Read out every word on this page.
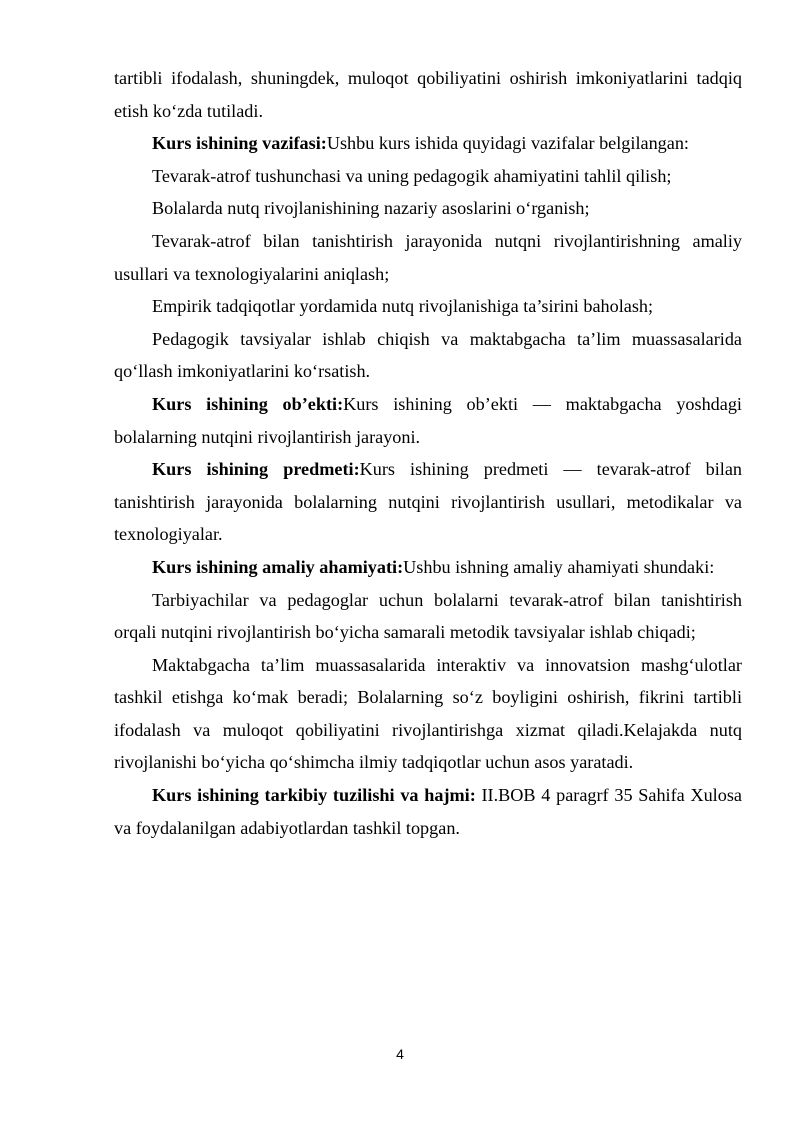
tartibli ifodalash, shuningdek, muloqot qobiliyatini oshirish imkoniyatlarini tadqiq etish ko‘zda tutiladi.

Kurs ishining vazifasi:Ushbu kurs ishida quyidagi vazifalar belgilangan:

Tevarak-atrof tushunchasi va uning pedagogik ahamiyatini tahlil qilish;

Bolalarda nutq rivojlanishining nazariy asoslarini o‘rganish;

Tevarak-atrof bilan tanishtirish jarayonida nutqni rivojlantirishning amaliy usullari va texnologiyalarini aniqlash;

Empirik tadqiqotlar yordamida nutq rivojlanishiga ta’sirini baholash;

Pedagogik tavsiyalar ishlab chiqish va maktabgacha ta’lim muassasalarida qo‘llash imkoniyatlarini ko‘rsatish.

Kurs ishining ob’ekti:Kurs ishining ob’ekti — maktabgacha yoshdagi bolalarning nutqini rivojlantirish jarayoni.

Kurs ishining predmeti:Kurs ishining predmeti — tevarak-atrof bilan tanishtirish jarayonida bolalarning nutqini rivojlantirish usullari, metodikalar va texnologiyalar.

Kurs ishining amaliy ahamiyati:Ushbu ishning amaliy ahamiyati shundaki:

Tarbiyachilar va pedagoglar uchun bolalarni tevarak-atrof bilan tanishtirish orqali nutqini rivojlantirish bo‘yicha samarali metodik tavsiyalar ishlab chiqadi;

Maktabgacha ta’lim muassasalarida interaktiv va innovatsion mashg‘ulotlar tashkil etishga ko‘mak beradi; Bolalarning so‘z boyligini oshirish, fikrini tartibli ifodalash va muloqot qobiliyatini rivojlantirishga xizmat qiladi.Kelajakda nutq rivojlanishi bo‘yicha qo‘shimcha ilmiy tadqiqotlar uchun asos yaratadi.

Kurs ishining tarkibiy tuzilishi va hajmi: II.BOB 4 paragrf 35 Sahifa Xulosa va foydalanilgan adabiyotlardan tashkil topgan.

4
